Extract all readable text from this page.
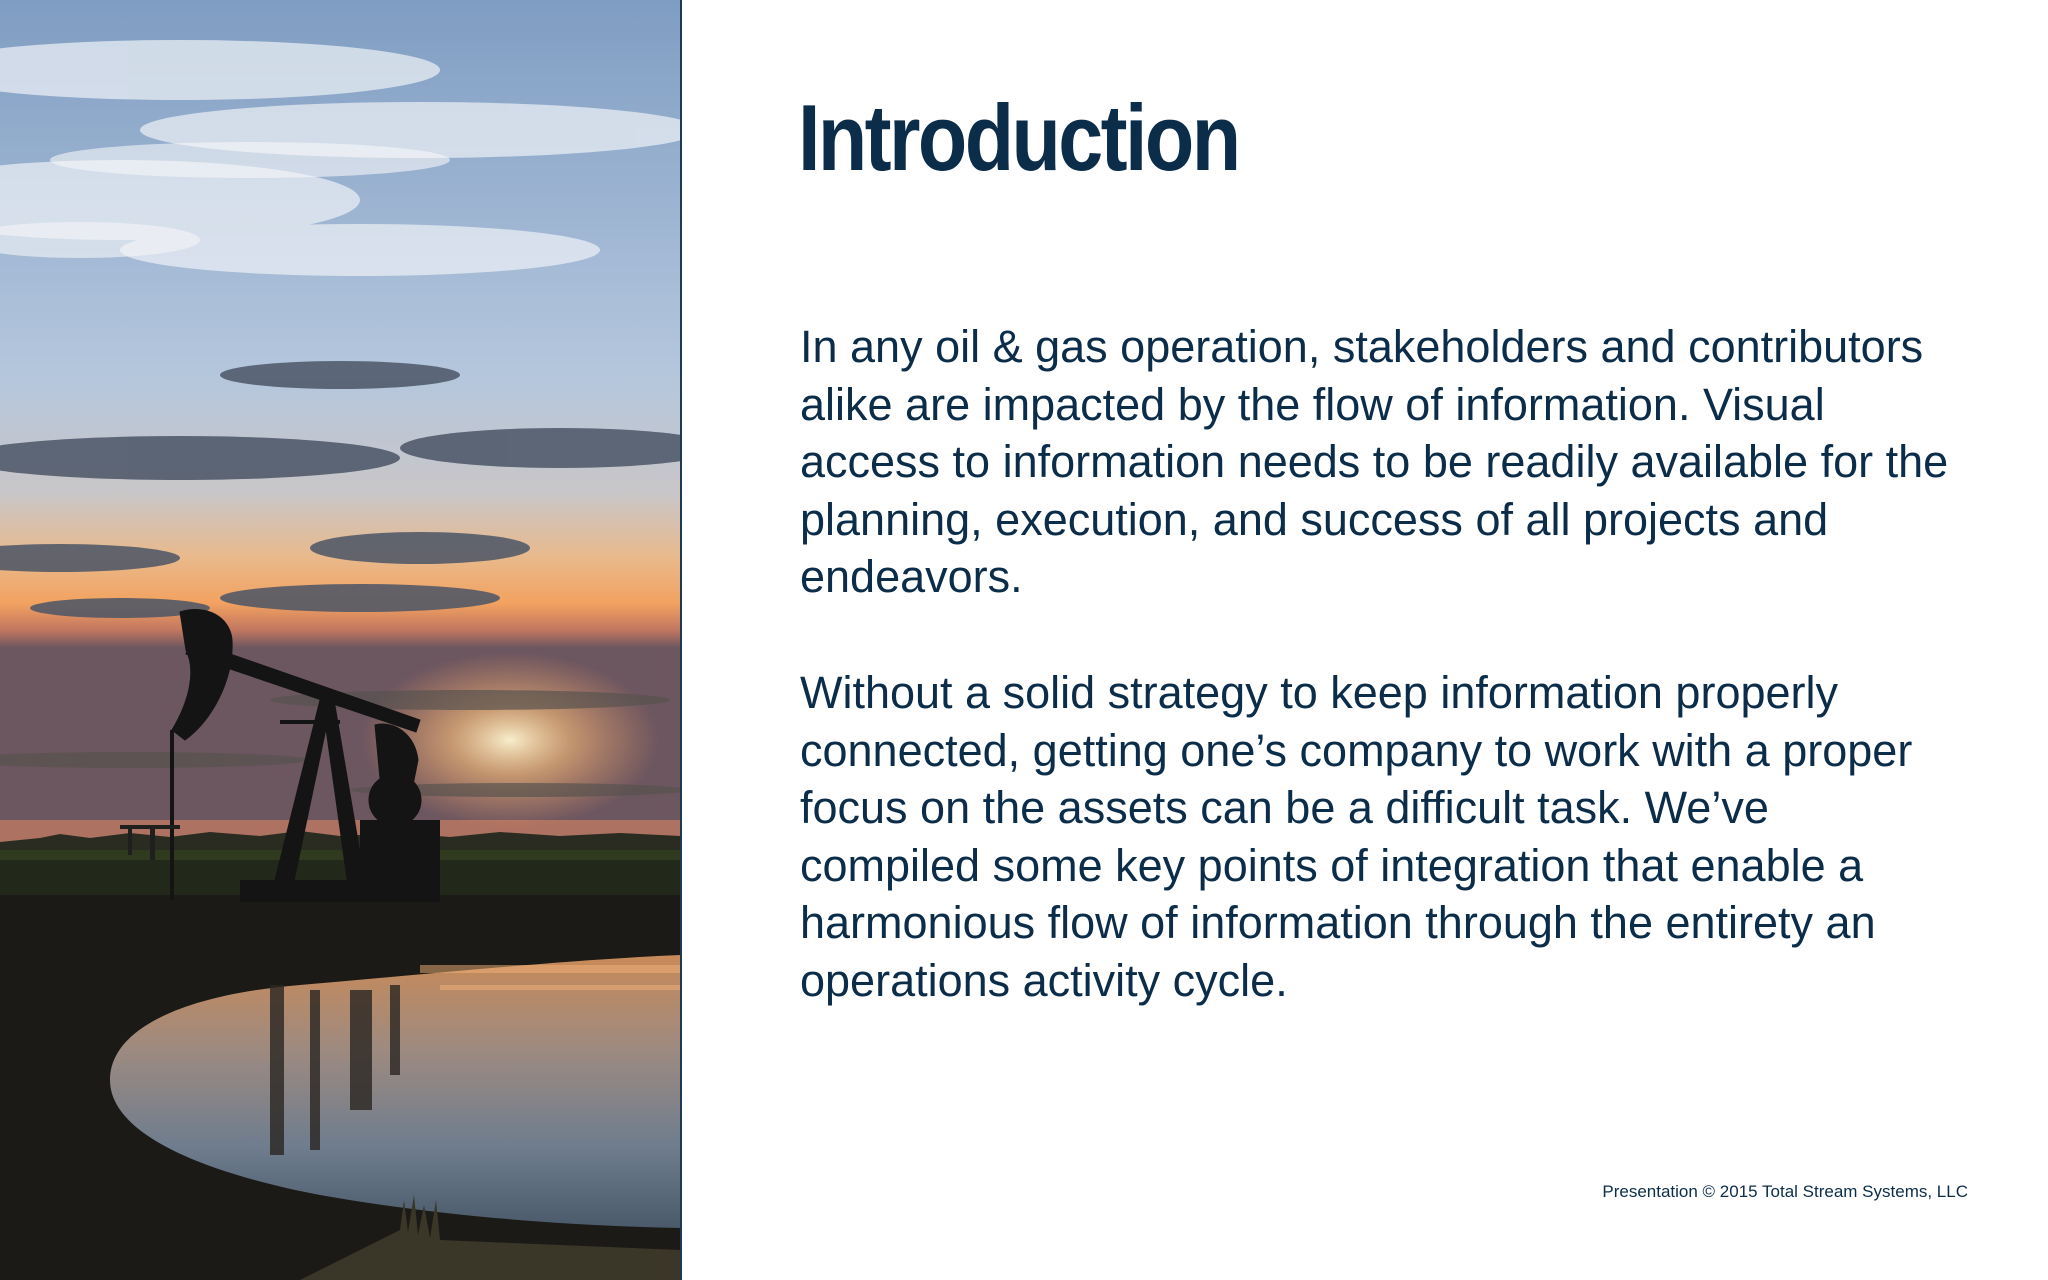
Introduction

In any oil & gas operation, stakeholders and contributors alike are impacted by the flow of information. Visual access to information needs to be readily available for the planning, execution, and success of all projects and endeavors.

Without a solid strategy to keep information properly connected, getting one’s company to work with a proper focus on the assets can be a difficult task. We’ve compiled some key points of integration that enable a harmonious flow of information through the entirety an operations activity cycle.

Presentation © 2015 Total Stream Systems, LLC
